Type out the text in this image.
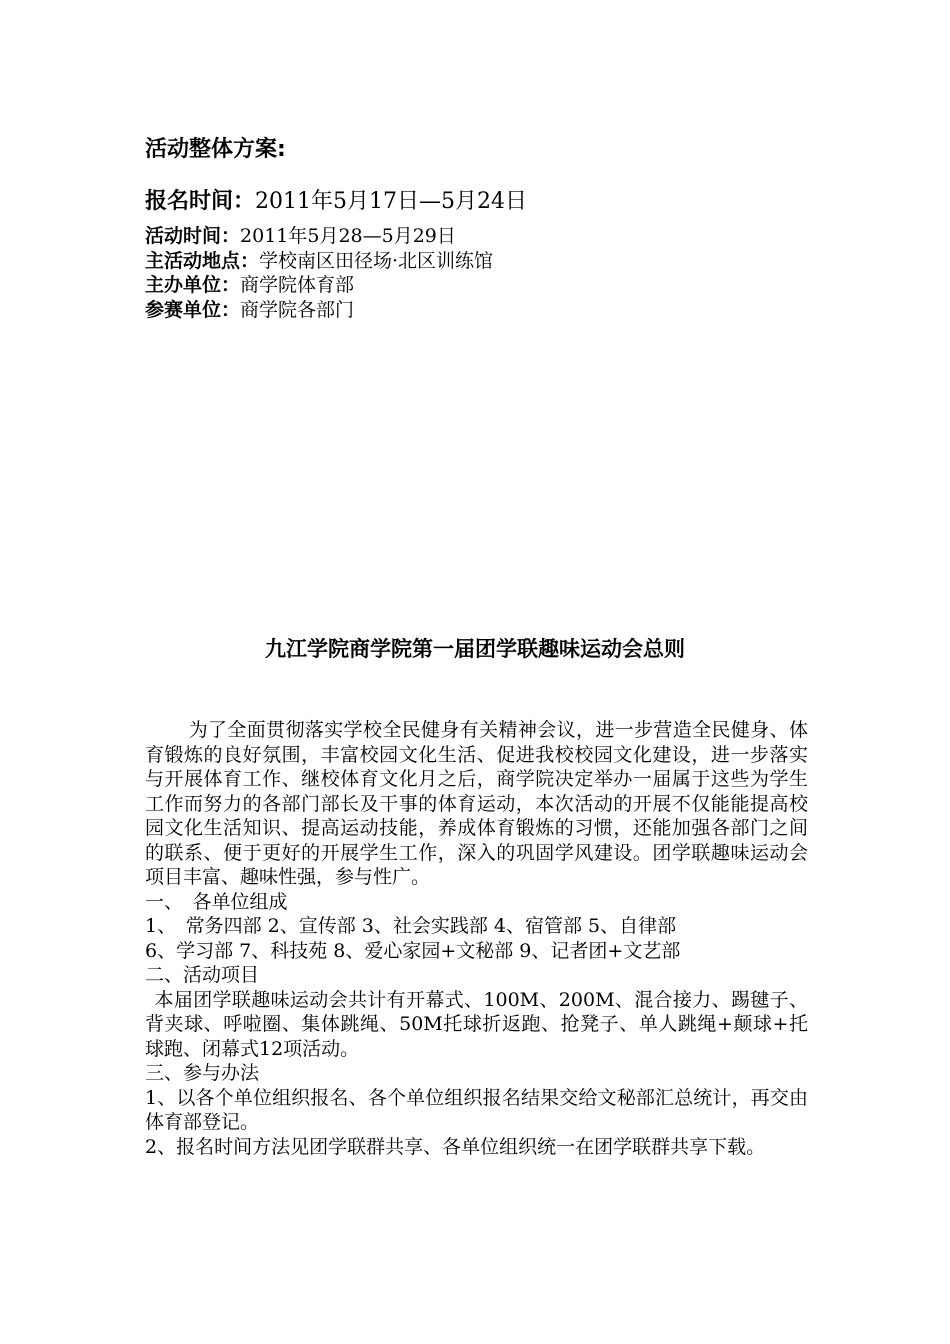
活动整体方案:
报名时间：2011年5月17日—5月24日
活动时间：2011年5月28—5月29日
主活动地点：学校南区田径场·北区训练馆
主办单位：商学院体育部
参赛单位：商学院各部门
九江学院商学院第一届团学联趣味运动会总则

为了全面贯彻落实学校全民健身有关精神会议，进一步营造全民健身、体育锻炼的良好氛围，丰富校园文化生活、促进我校校园文化建设，进一步落实与开展体育工作、继校体育文化月之后，商学院决定举办一届属于这些为学生工作而努力的各部门部长及干事的体育运动，本次活动的开展不仅能能提高校园文化生活知识、提高运动技能，养成体育锻炼的习惯，还能加强各部门之间的联系、便于更好的开展学生工作，深入的巩固学风建设。团学联趣味运动会项目丰富、趣味性强，参与性广。

一、　各单位组成

1、　常务四部 2、宣传部 3、社会实践部 4、宿管部 5、自律部

6、学习部 7、科技苑 8、爱心家园+文秘部 9、记者团+文艺部

二、活动项目

本届团学联趣味运动会共计有开幕式、100M、200M、混合接力、踢毽子、背夹球、呼啦圈、集体跳绳、50M托球折返跑、抢凳子、单人跳绳+颠球+托球跑、闭幕式12项活动。

三、参与办法

1、以各个单位组织报名、各个单位组织报名结果交给文秘部汇总统计，再交由体育部登记。

2、报名时间方法见团学联群共享、各单位组织统一在团学联群共享下载。
